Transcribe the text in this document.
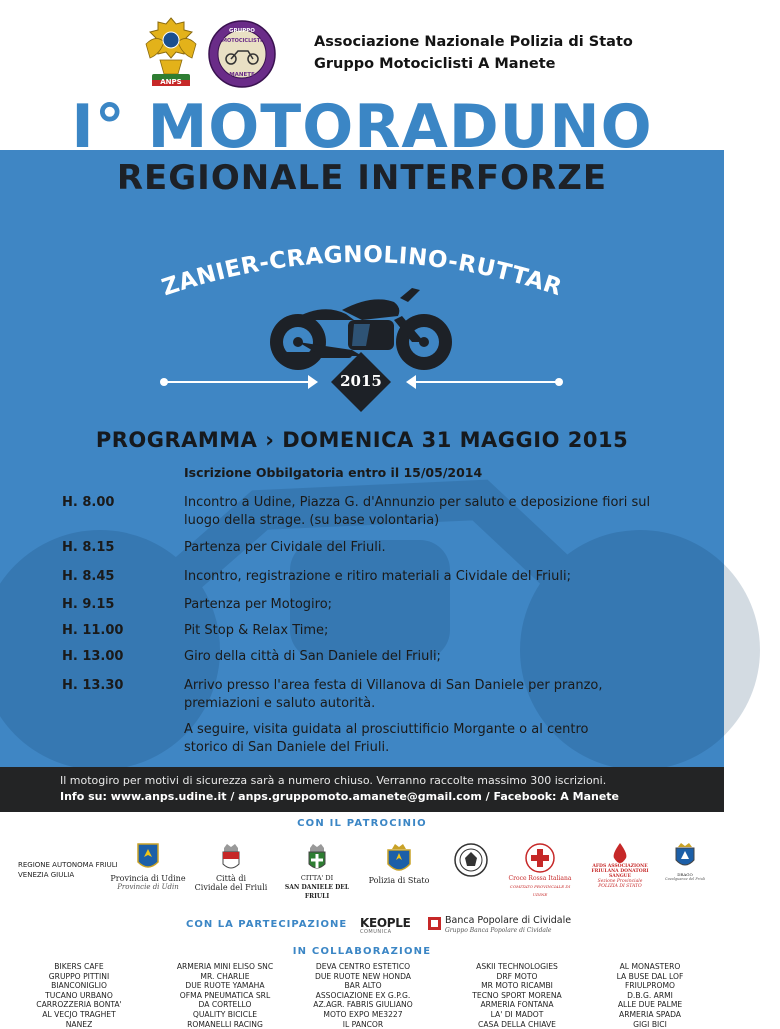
ANPS
GRUPPO
MOTOCICLISTI
MANETE
Associazione Nazionale Polizia di Stato
Gruppo Motociclisti A Manete
REGIONALE INTERFORZE
ZANIER-CRAGNOLINO-RUTTAR
2015
PROGRAMMA › DOMENICA 31 MAGGIO 2015
Iscrizione Obbilgatoria entro il 15/05/2014
H. 8.00	Incontro a Udine, Piazza G. d'Annunzio per saluto e deposizione fiori sul luogo della strage. (su base volontaria)
H. 8.15	Partenza per Cividale del Friuli.
H. 8.45	Incontro, registrazione e ritiro materiali a Cividale del Friuli;
H. 9.15	Partenza per Motogiro;
H. 11.00	Pit Stop & Relax Time;
H. 13.00	Giro della città di San Daniele del Friuli;
H. 13.30	Arrivo presso l'area festa di Villanova di San Daniele per pranzo, premiazioni e saluto autorità.
A seguire, visita guidata al prosciuttificio Morgante o al centro storico di San Daniele del Friuli.
I° MOTORADUNO
Il motogiro per motivi di sicurezza sarà a numero chiuso. Verranno raccolte massimo 300 iscrizioni.
Info su: www.anps.udine.it / anps.gruppomoto.amanete@gmail.com / Facebook: A Manete
CON IL PATROCINIO
REGIONE AUTONOMA FRIULI VENEZIA GIULIA	Provincia di Udine
Provincie di Udin
Città di
Cividale del Friuli
CITTA' DI
SAN DANIELE DEL FRIULI
Polizia di Stato	Croce Rossa Italiana
COMITATO PROVINCIALE DI UDINE
AFDS ASSOCIAZIONE FRIULANA DONATORI SANGUE
Sezione Provinciale POLIZIA DI STATO
DRAGO
Cavalguance del Friuli
CON LA PARTECIPAZIONE KEOPLE
COMUNICA
Banca Popolare di Cividale
Gruppo Banca Popolare di Cividale
IN COLLABORAZIONE
BIKERS CAFE
GRUPPO PITTINI
BIANCONIGLIO
TUCANO URBANO
CARROZZERIA BONTA'
AL VECJO TRAGHET
NANEZ
ARMERIA MINI ELISO SNC
MR. CHARLIE
DUE RUOTE YAMAHA
OFMA PNEUMATICA SRL
DA CORTELLO
QUALITY BICICLE
ROMANELLI RACING
DEVA CENTRO ESTETICO
DUE RUOTE NEW HONDA
BAR ALTO
ASSOCIAZIONE EX G.P.G.
AZ.AGR. FABRIS GIULIANO
MOTO EXPO ME3227
IL PANCOR
ASKII TECHNOLOGIES
DRF MOTO
MR MOTO RICAMBI
TECNO SPORT MORENA
ARMERIA FONTANA
LA' DI MADOT
CASA DELLA CHIAVE
AL MONASTERO
LA BUSE DAL LOF
FRIULPROMO
D.B.G. ARMI
ALLE DUE PALME
ARMERIA SPADA
GIGI BICI
